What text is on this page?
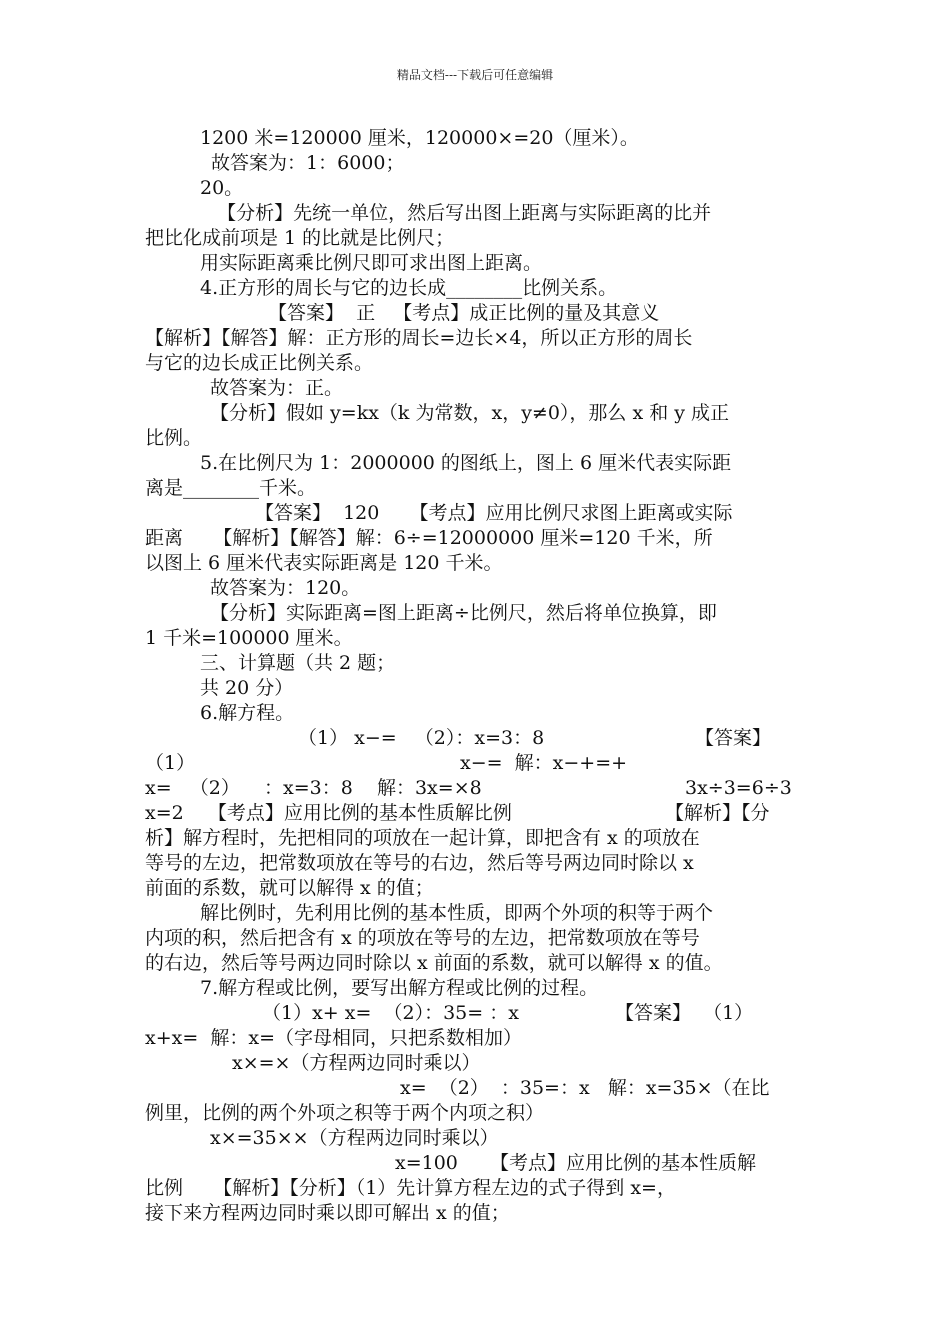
精品文档---下载后可任意编辑
1200 米=120000 厘米，120000×=20（厘米）。
故答案为：1：6000；
20。
【分析】先统一单位，然后写出图上距离与实际距离的比并
把比化成前项是 1 的比就是比例尺；
用实际距离乘比例尺即可求出图上距离。
4.正方形的周长与它的边长成________比例关系。
【答案】  正   【考点】成正比例的量及其意义
【解析】【解答】解：正方形的周长=边长×4，所以正方形的周长
与它的边长成正比例关系。
故答案为：正。
【分析】假如 y=kx（k 为常数，x，y≠0），那么 x 和 y 成正
比例。
5.在比例尺为 1：2000000 的图纸上，图上 6 厘米代表实际距
离是________千米。
【答案】  120     【考点】应用比例尺求图上距离或实际
距离     【解析】【解答】解：6÷=12000000 厘米=120 千米，所
以图上 6 厘米代表实际距离是 120 千米。
故答案为：120。
【分析】实际距离=图上距离÷比例尺，然后将单位换算，即
1 千米=100000 厘米。
三、计算题（共 2 题；
共 20 分）
6.解方程。
（1） x−=   （2）：x=3：8	【答案】
（1）	x−=  解：x−+=+
x=   （2）    ：x=3：8    解：3x=×8	3x÷3=6÷3
x=2    【考点】应用比例的基本性质解比例	【解析】【分
析】解方程时，先把相同的项放在一起计算，即把含有 x 的项放在
等号的左边，把常数项放在等号的右边，然后等号两边同时除以 x
前面的系数，就可以解得 x 的值；
解比例时，先利用比例的基本性质，即两个外项的积等于两个
内项的积，然后把含有 x 的项放在等号的左边，把常数项放在等号
的右边，然后等号两边同时除以 x 前面的系数，就可以解得 x 的值。
7.解方程或比例，要写出解方程或比例的过程。
（1）x+ x=  （2）：35= ：x	【答案】  （1）
x+x=  解：x=（字母相同，只把系数相加）
x×=×（方程两边同时乘以）
x=  （2）  ：35=：x   解：x=35×（在比
例里，比例的两个外项之积等于两个内项之积）
x×=35××（方程两边同时乘以）
x=100 【考点】应用比例的基本性质解
比例     【解析】【分析】（1）先计算方程左边的式子得到 x=，
接下来方程两边同时乘以即可解出 x 的值；
